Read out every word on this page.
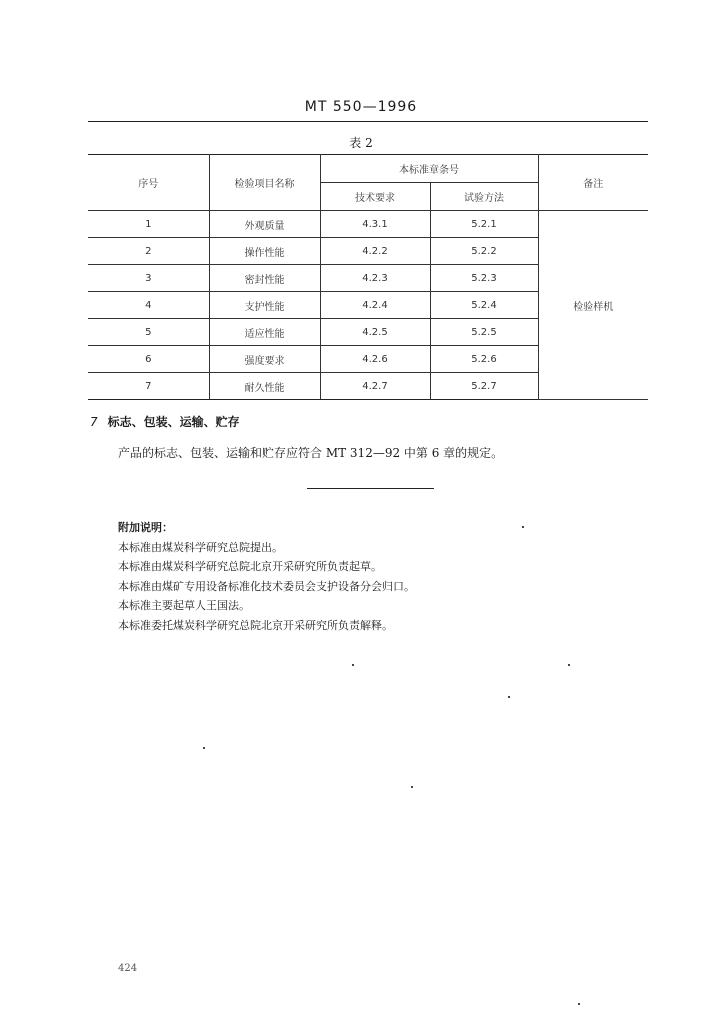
MT 550—1996
表 2
序号	检验项目名称	本标准章条号		备注
		技术要求	试验方法	
1	外观质量	4.3.1	5.2.1	检验样机
2	操作性能	4.2.2	5.2.2	
3	密封性能	4.2.3	5.2.3	
4	支护性能	4.2.4	5.2.4	
5	适应性能	4.2.5	5.2.5	
6	强度要求	4.2.6	5.2.6	
7	耐久性能	4.2.7	5.2.7	
7 标志、包装、运输、贮存
产品的标志、包装、运输和贮存应符合 MT 312—92 中第 6 章的规定。
附加说明：
本标准由煤炭科学研究总院提出。
本标准由煤炭科学研究总院北京开采研究所负责起草。
本标准由煤矿专用设备标准化技术委员会支护设备分会归口。
本标准主要起草人王国法。
本标准委托煤炭科学研究总院北京开采研究所负责解释。
424
